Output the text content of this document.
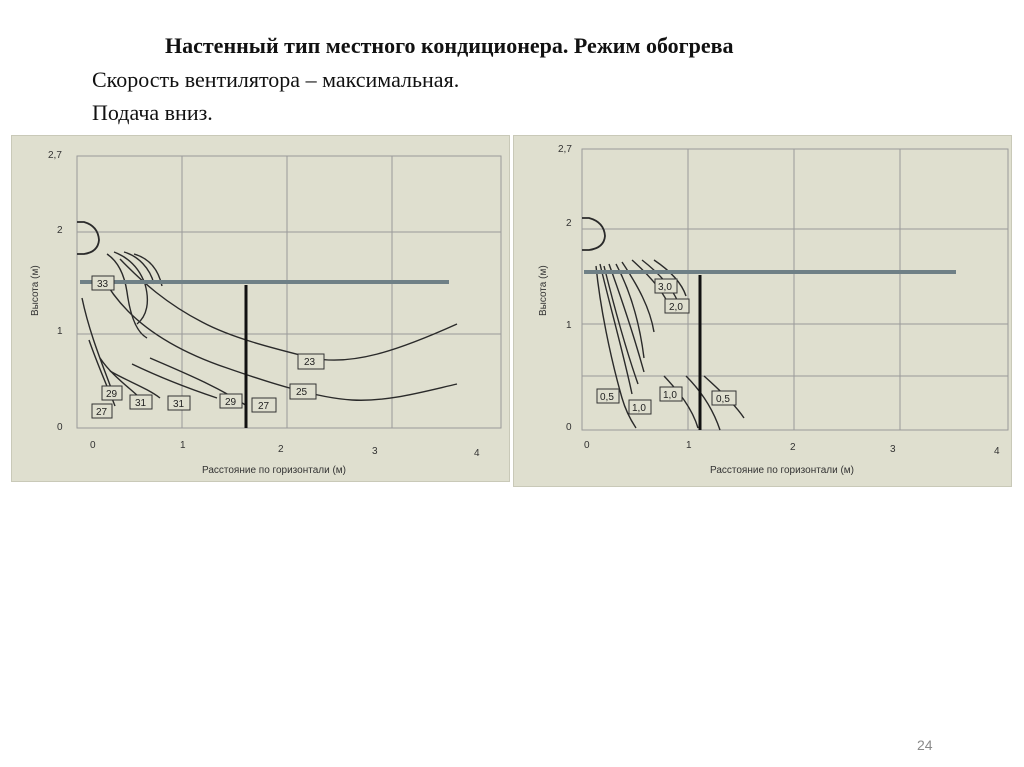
Настенный тип местного кондиционера. Режим обогрева
Скорость вентилятора – максимальная.
Подача вниз.
0
1
2
2,7
0	1	2	3	4
Расстояние по горизонтали (м)
Высота (м)	33
23
25
29
27
31	31	29 27
0
1
2
2,7
0	1	2	3	4
Расстояние по горизонтали (м)
Высота (м)	3,0
2,0
0,5
1,0
1,0	0,5
24
